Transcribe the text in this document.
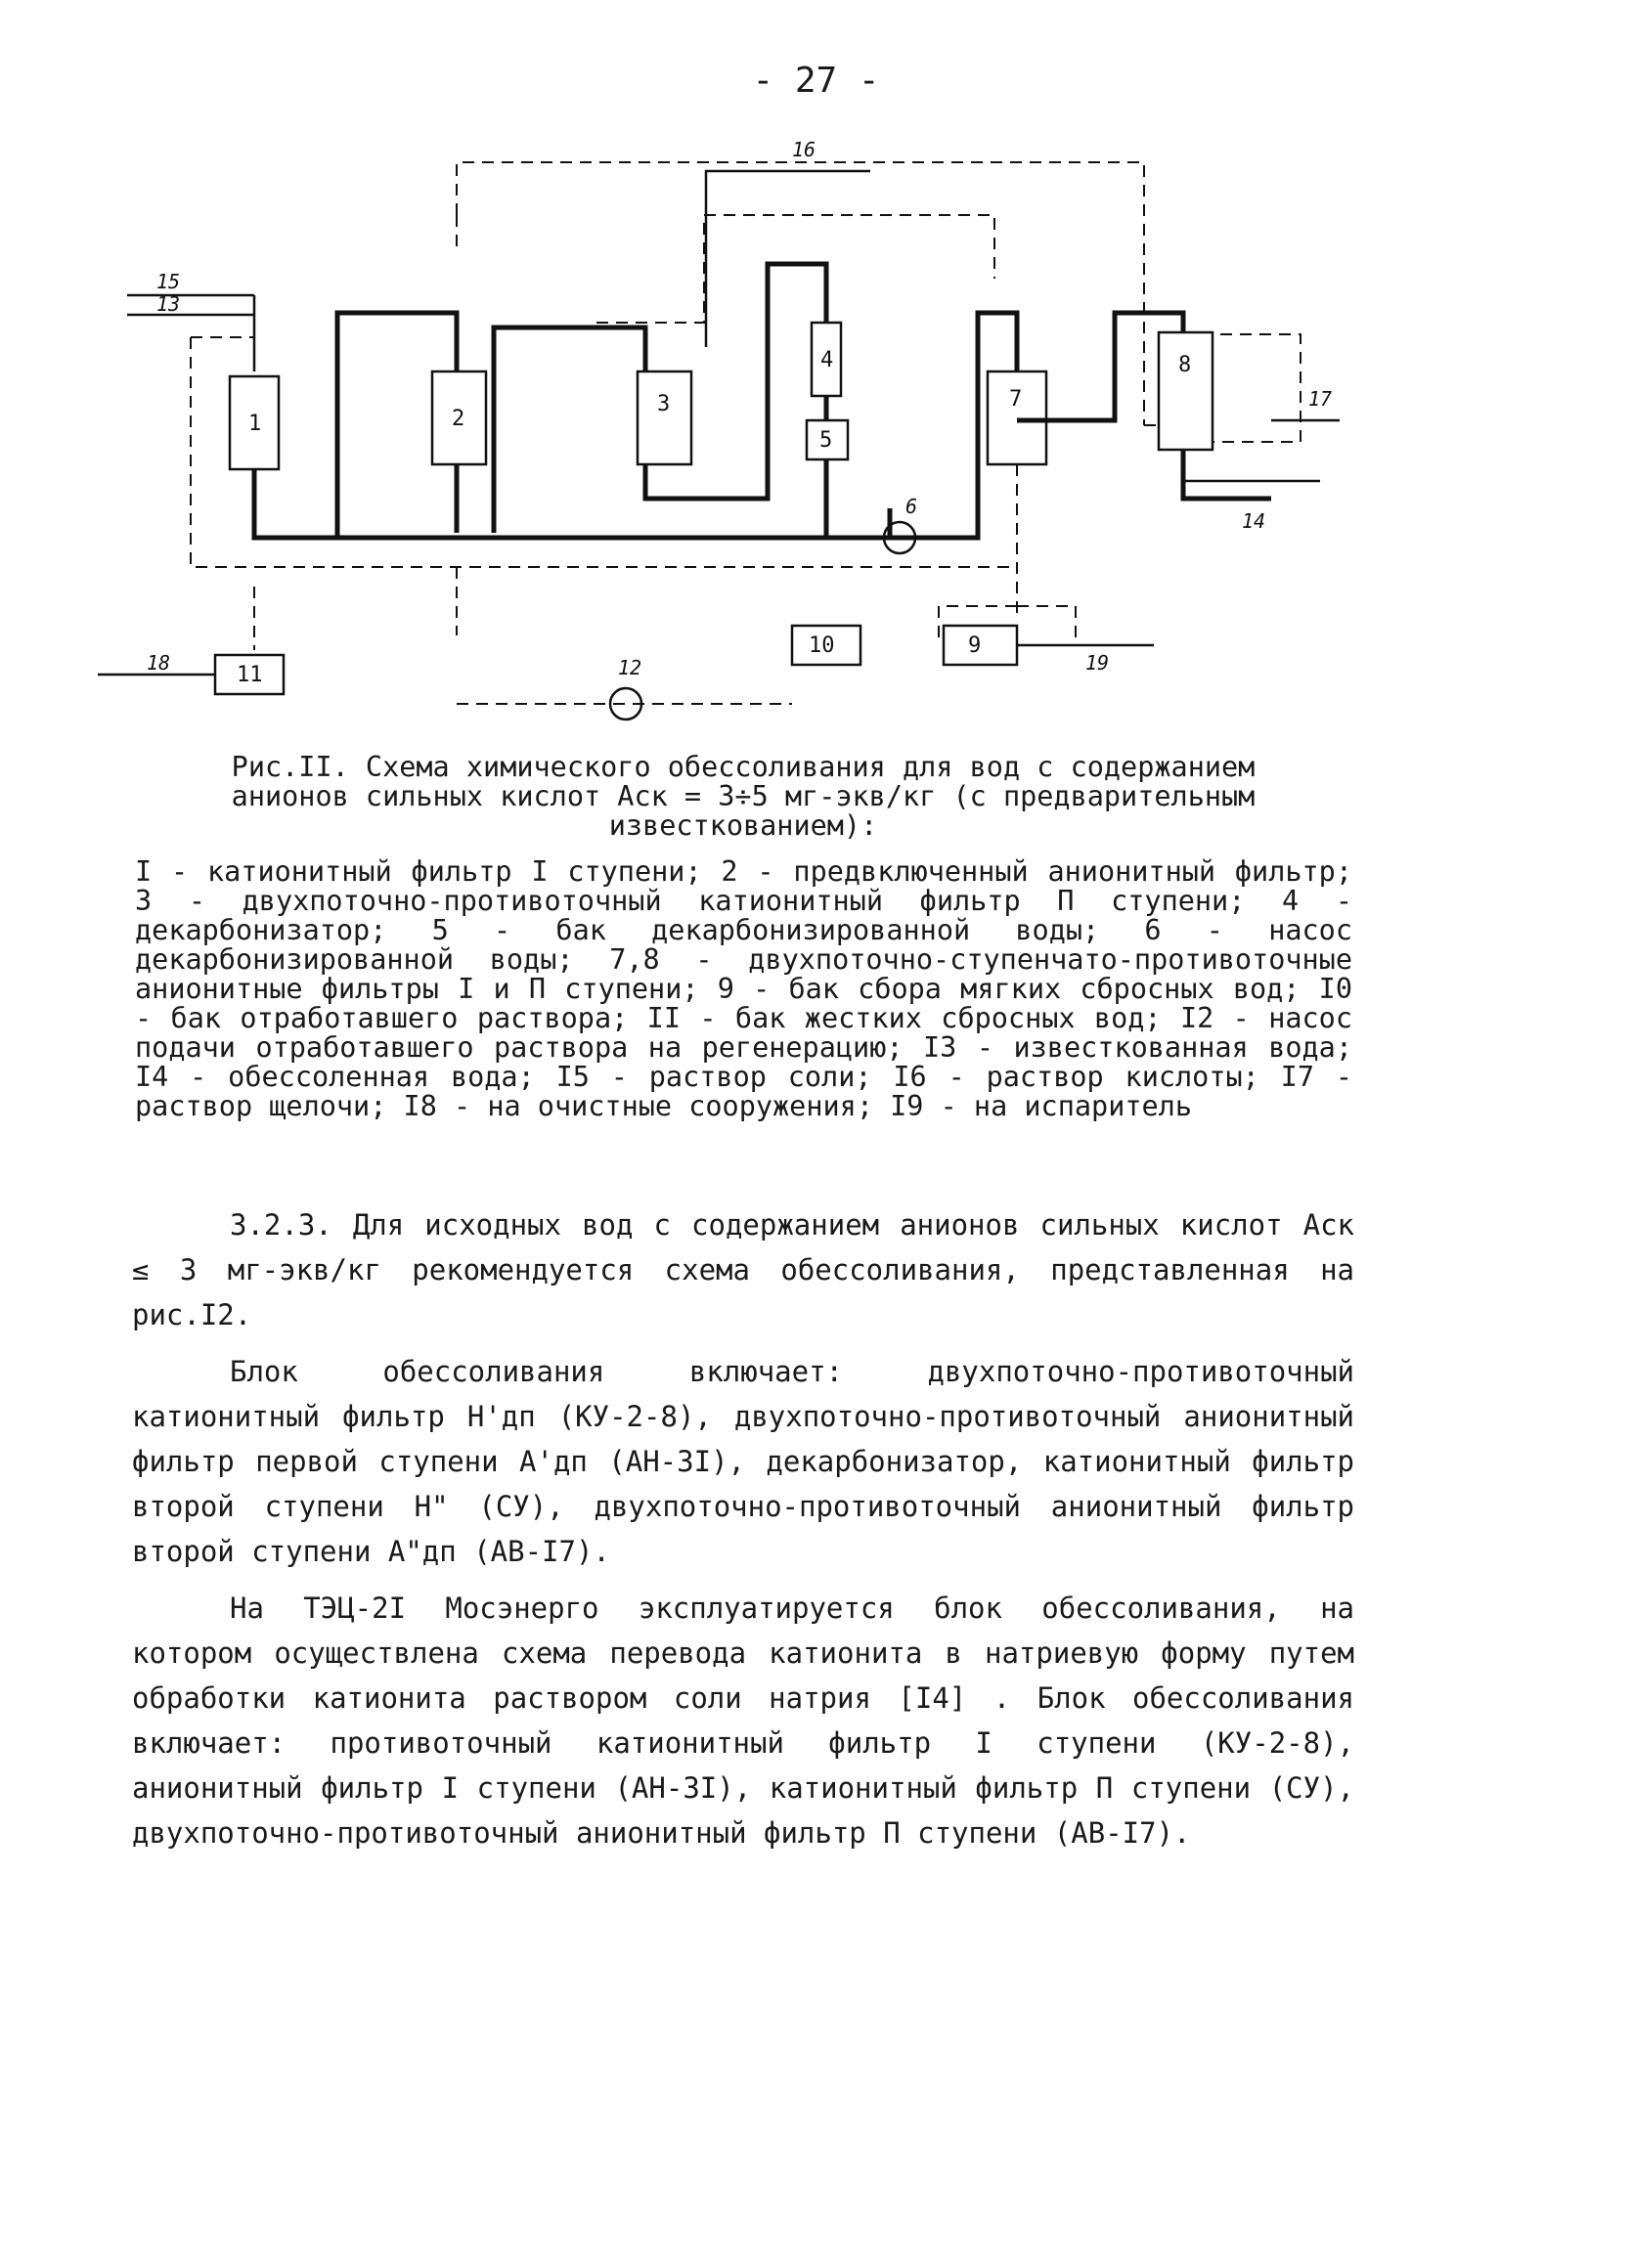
- 27 -
1	2
3
4
5
7
8
10	9
11
15
13
16
17
14
6
12
18	19
Рис.II. Схема химического обессоливания для вод с содержанием
анионов сильных кислот Аск = 3÷5 мг-экв/кг (с предварительным
известкованием):
I - катионитный фильтр I ступени; 2 - предвключенный анионитный фильтр; 3 - двухпоточно-противоточный катионитный фильтр П ступени; 4 - декарбонизатор; 5 - бак декарбонизированной воды; 6 - насос декарбонизированной воды; 7,8 - двухпоточно-ступенчато-противоточные анионитные фильтры I и П ступени; 9 - бак сбора мягких сбросных вод; I0 - бак отработавшего раствора; II - бак жестких сбросных вод; I2 - насос подачи отработавшего раствора на регенерацию; I3 - известкованная вода; I4 - обессоленная вода; I5 - раствор соли; I6 - раствор кислоты; I7 - раствор щелочи; I8 - на очистные сооружения; I9 - на испаритель

3.2.3. Для исходных вод с содержанием анионов сильных кислот Аск ≤ 3 мг-экв/кг рекомендуется схема обессоливания, представленная на рис.I2.

Блок обессоливания включает: двухпоточно-противоточный катионитный фильтр Н'дп (КУ-2-8), двухпоточно-противоточный анионитный фильтр первой ступени А'дп (АН-3I), декарбонизатор, катионитный фильтр второй ступени Н" (СУ), двухпоточно-противоточный анионитный фильтр второй ступени А"дп (АВ-I7).

На ТЭЦ-2I Мосэнерго эксплуатируется блок обессоливания, на котором осуществлена схема перевода катионита в натриевую форму путем обработки катионита раствором соли натрия [I4] . Блок обессоливания включает: противоточный катионитный фильтр I ступени (КУ-2-8), анионитный фильтр I ступени (АН-3I), катионитный фильтр П ступени (СУ), двухпоточно-противоточный анионитный фильтр П ступени (АВ-I7).
